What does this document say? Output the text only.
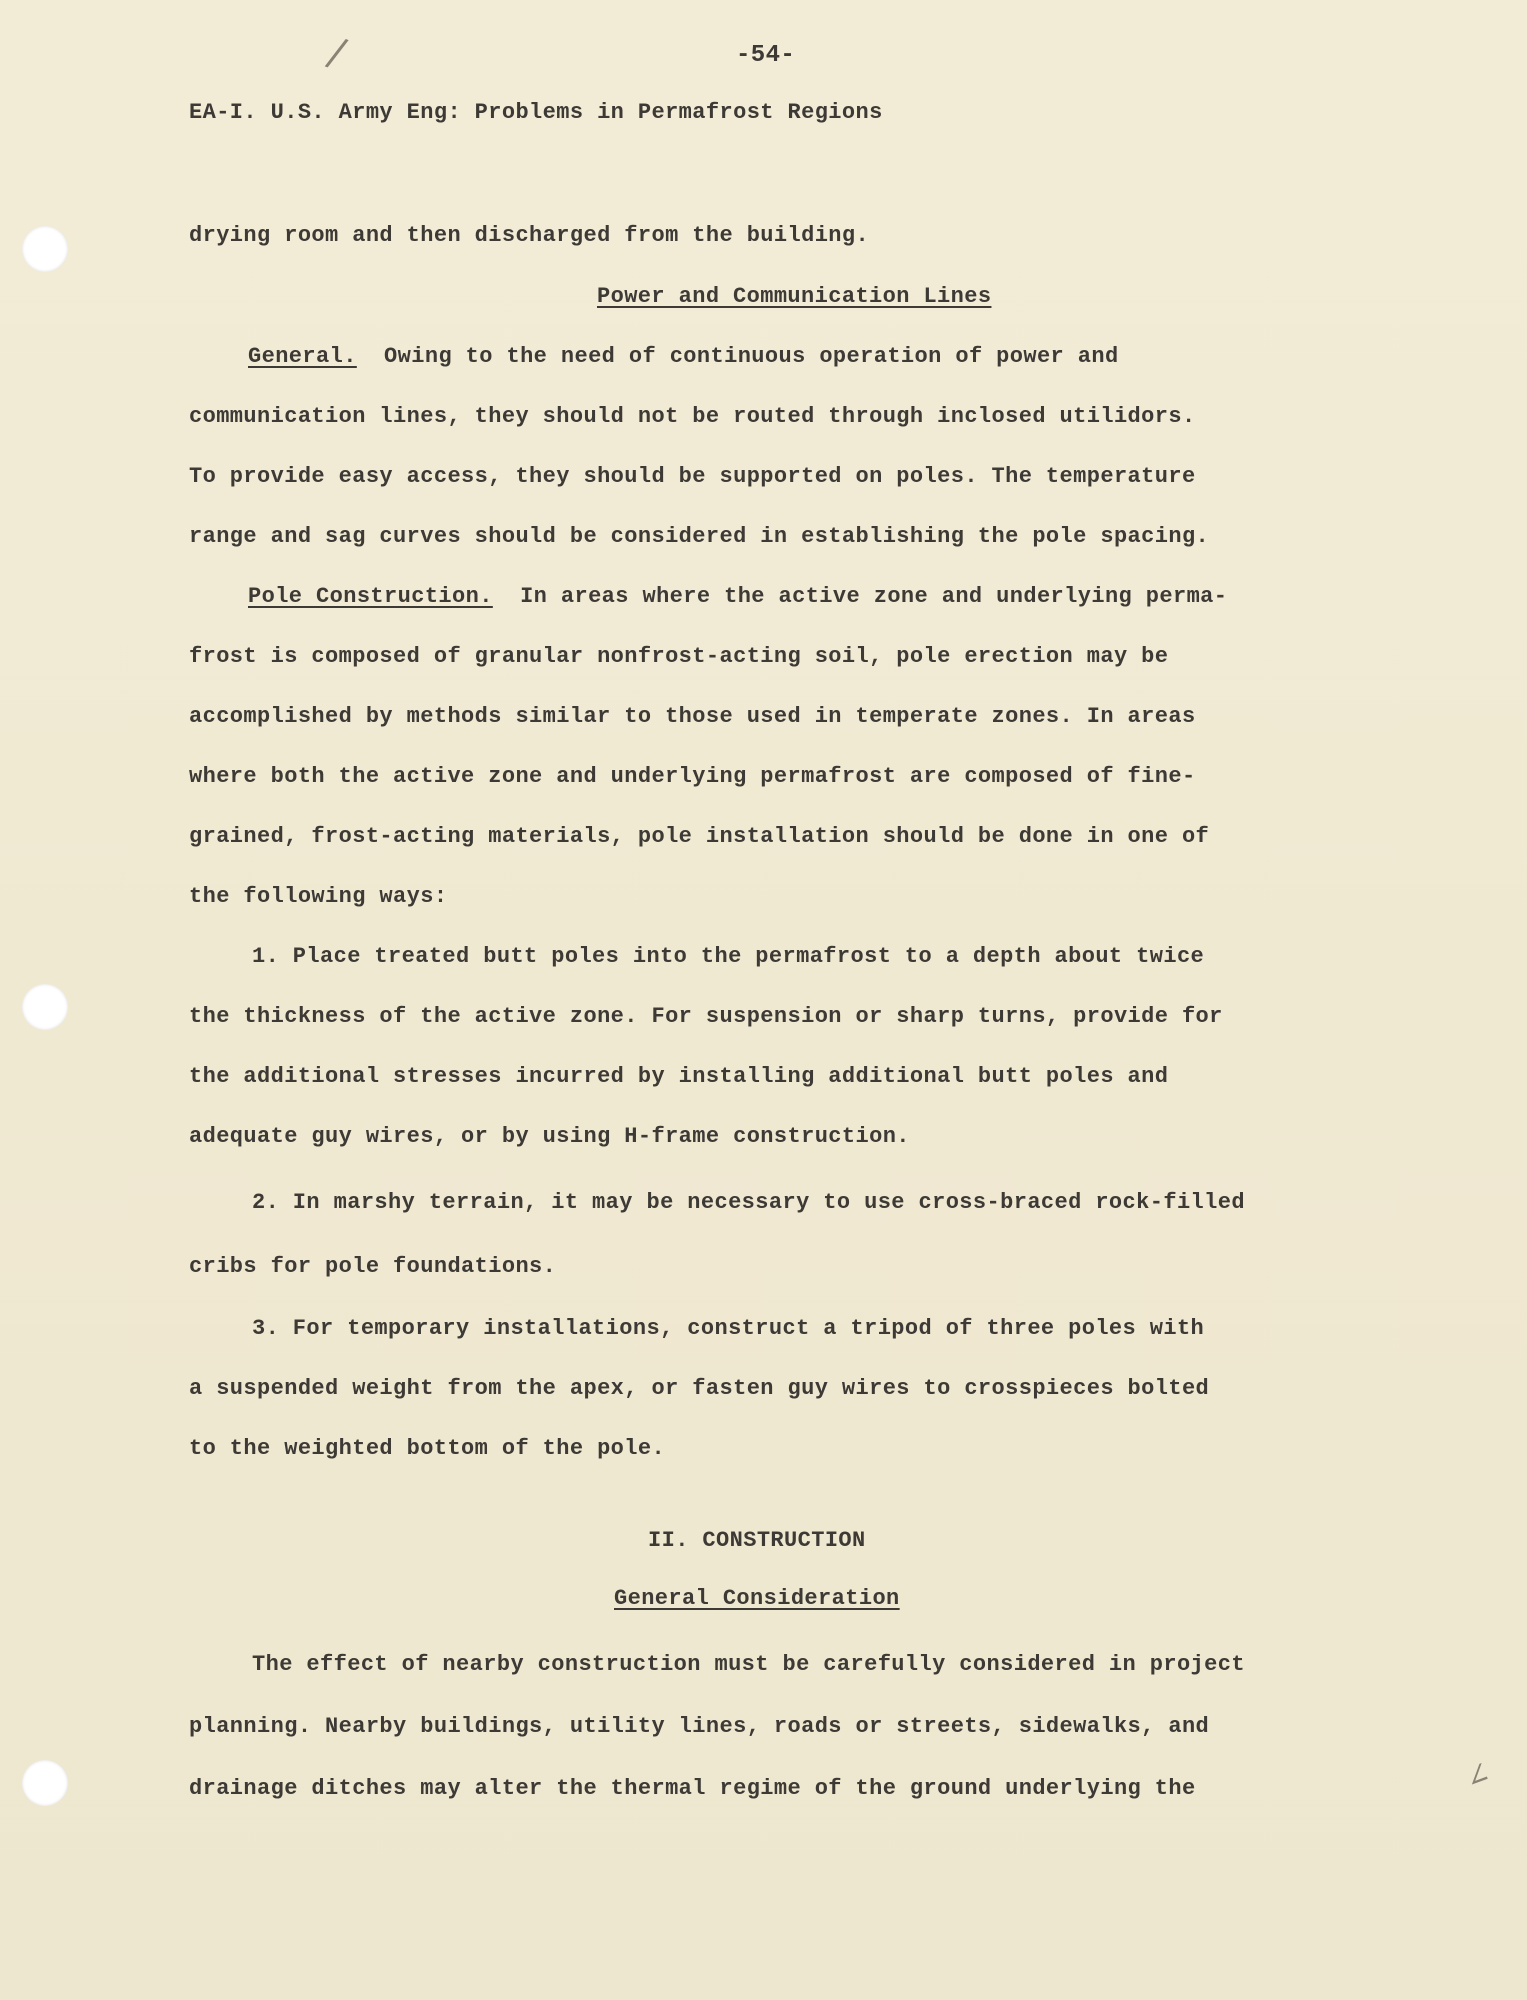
/
∠
-54-
EA-I. U.S. Army Eng: Problems in Permafrost Regions
drying room and then discharged from the building.
Power and Communication Lines
General. Owing to the need of continuous operation of power and
communication lines, they should not be routed through inclosed utilidors.
To provide easy access, they should be supported on poles. The temperature
range and sag curves should be considered in establishing the pole spacing.
Pole Construction. In areas where the active zone and underlying perma-
frost is composed of granular nonfrost-acting soil, pole erection may be
accomplished by methods similar to those used in temperate zones. In areas
where both the active zone and underlying permafrost are composed of fine-
grained, frost-acting materials, pole installation should be done in one of
the following ways:
1. Place treated butt poles into the permafrost to a depth about twice
the thickness of the active zone. For suspension or sharp turns, provide for
the additional stresses incurred by installing additional butt poles and
adequate guy wires, or by using H-frame construction.
2. In marshy terrain, it may be necessary to use cross-braced rock-filled
cribs for pole foundations.
3. For temporary installations, construct a tripod of three poles with
a suspended weight from the apex, or fasten guy wires to crosspieces bolted
to the weighted bottom of the pole.
II. CONSTRUCTION
General Consideration
The effect of nearby construction must be carefully considered in project
planning. Nearby buildings, utility lines, roads or streets, sidewalks, and
drainage ditches may alter the thermal regime of the ground underlying the
